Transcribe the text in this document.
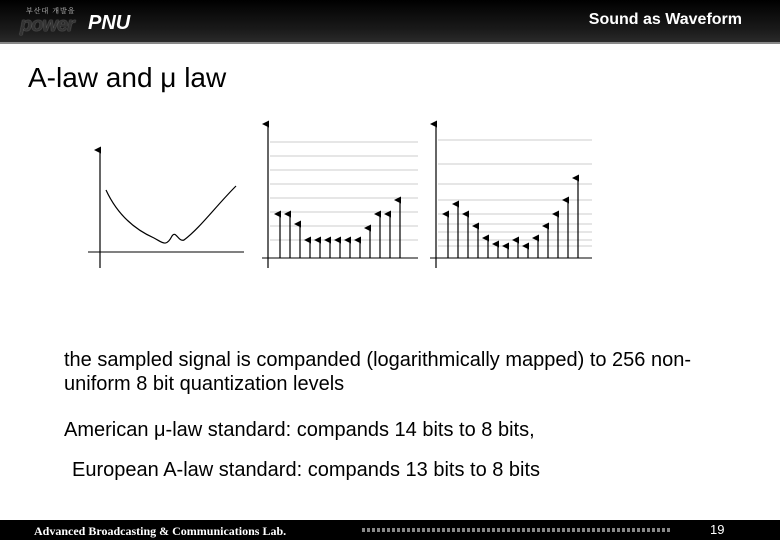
부산대 개발을
power PNU	Sound as Waveform
A-law and μ law

the sampled signal is companded (logarithmically mapped) to 256 non-uniform 8 bit quantization levels

American μ-law standard: compands 14 bits to 8 bits,

European A-law standard: compands 13 bits to 8 bits

Advanced Broadcasting & Communications Lab.	19
